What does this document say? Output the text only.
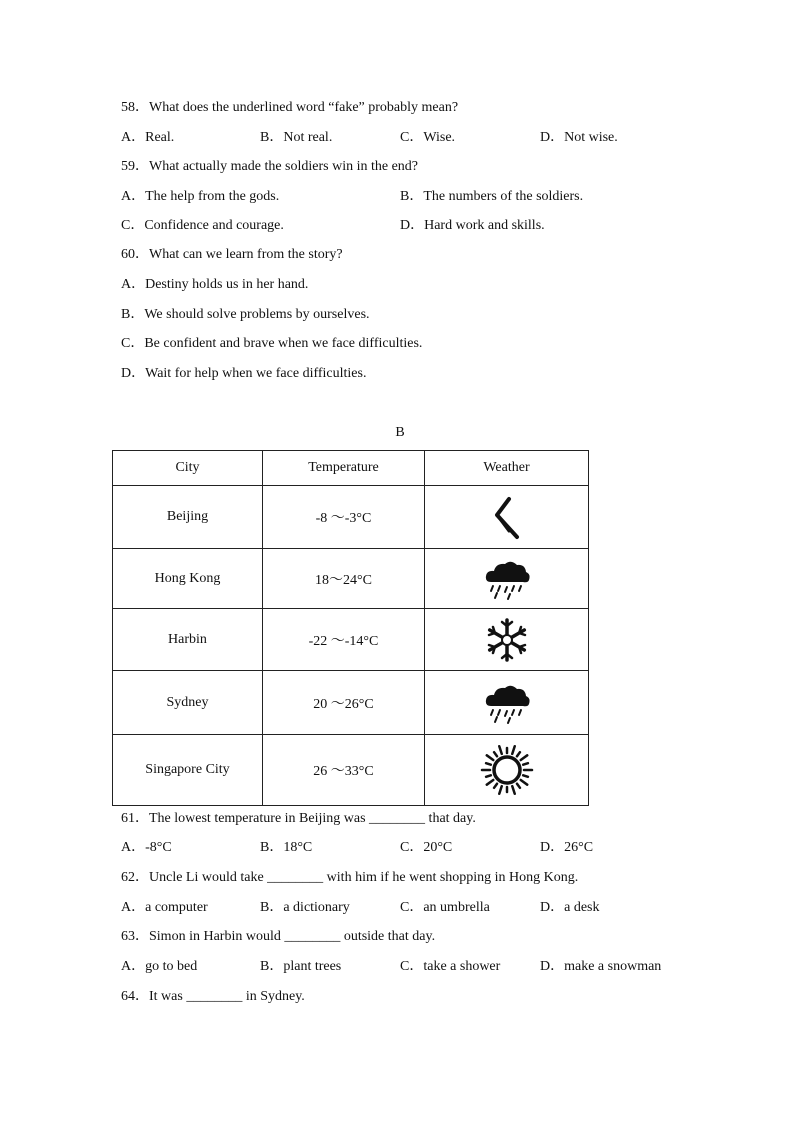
58．What does the underlined word “fake” probably mean?
A．Real.	B．Not real.	C．Wise.	D．Not wise.
59．What actually made the soldiers win in the end?
A．The help from the gods.	B．The numbers of the soldiers.
C．Confidence and courage.	D．Hard work and skills.
60．What can we learn from the story?
A．Destiny holds us in her hand.
B．We should solve problems by ourselves.
C．Be confident and brave when we face difficulties.
D．Wait for help when we face difficulties.
B
City	Temperature	Weather
Beijing	-8 ～-3°C	

Hong Kong	18～24°C	

Harbin	-22 ～-14°C	

Sydney	20 ～26°C	

Singapore City	26 ～33°C	
61．The lowest temperature in Beijing was ________ that day.
A．-8°C	B．18°C	C．20°C	D．26°C
62．Uncle Li would take ________ with him if he went shopping in Hong Kong.
A．a computer	B．a dictionary	C．an umbrella	D．a desk
63．Simon in Harbin would ________ outside that day.
A．go to bed	B．plant trees	C．take a shower	D．make a snowman
64．It was ________ in Sydney.
